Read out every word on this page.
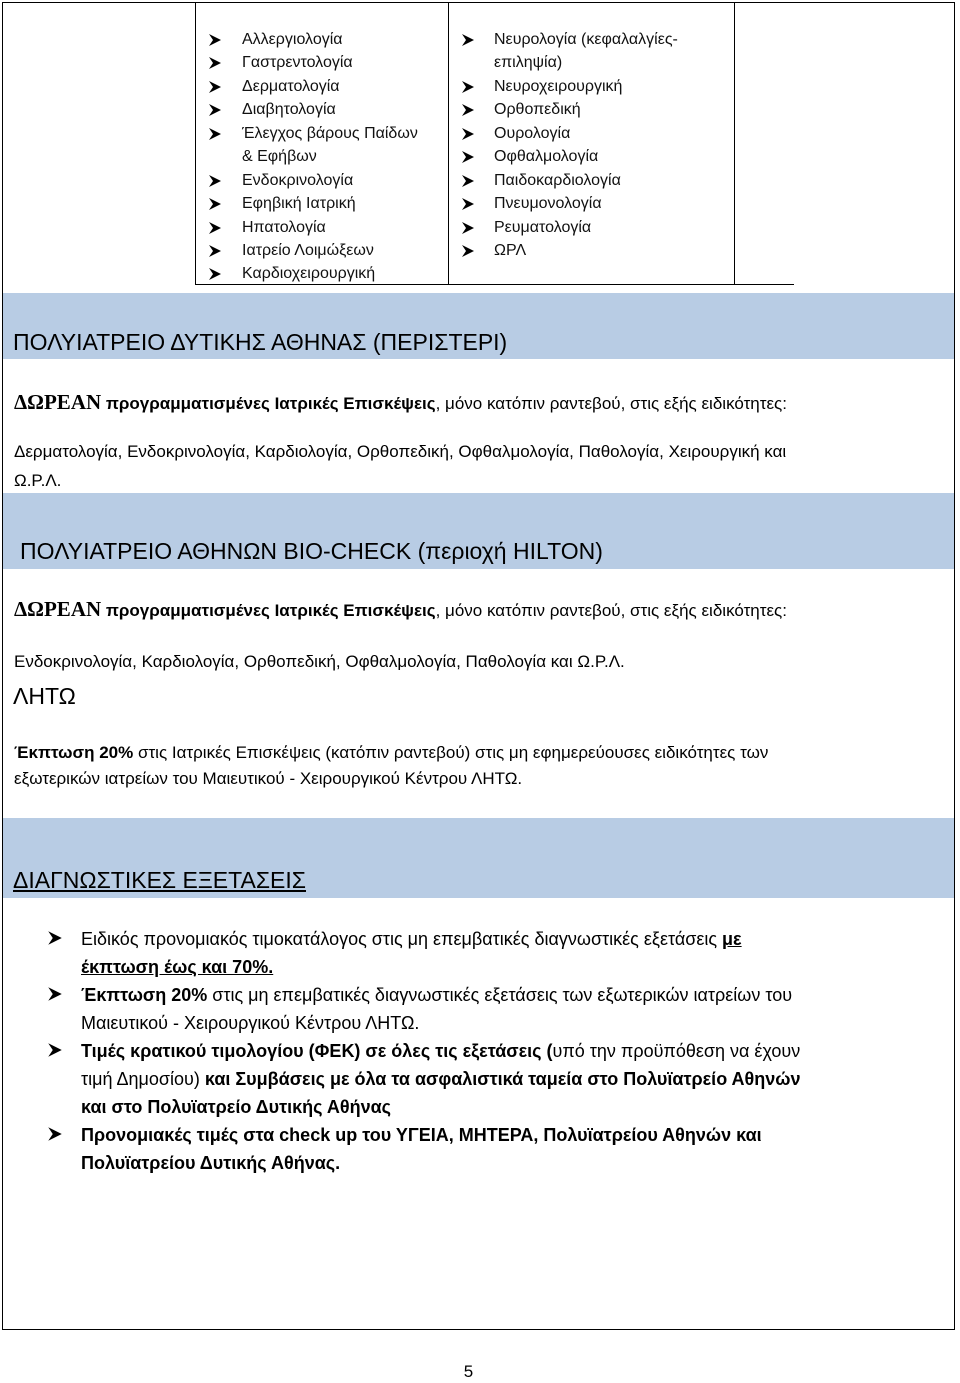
Αλλεργιολογία
Γαστρεντολογία
Δερματολογία
Διαβητολογία
Έλεγχος βάρους Παίδων
Ενδοκρινολογία
Εφηβική Ιατρική
Ηπατολογία
Ιατρείο Λοιμώξεων
Καρδιοχειρουργική
Νευρολογία (κεφαλαλγίες-
Νευροχειρουργική
Ορθοπεδική
Ουρολογία
Οφθαλμολογία
Παιδοκαρδιολογία
Πνευμονολογία
Ρευματολογία
ΩΡΛ
& Εφήβων
επιληψία)
ΠΟΛΥΙΑΤΡΕΙΟ ΔΥΤΙΚΗΣ ΑΘΗΝΑΣ (ΠΕΡΙΣΤΕΡΙ)
ΔΩΡΕΑΝ προγραμματισμένες Ιατρικές Επισκέψεις, μόνο κατόπιν ραντεβού, στις εξής ειδικότητες:
Δερματολογία, Ενδοκρινολογία, Καρδιολογία, Ορθοπεδική, Οφθαλμολογία, Παθολογία, Χειρουργική και
Ω.Ρ.Λ.
ΠΟΛΥΙΑΤΡΕΙΟ ΑΘΗΝΩΝ BIO-CHECK (περιοχή HILTON)
ΔΩΡΕΑΝ προγραμματισμένες Ιατρικές Επισκέψεις, μόνο κατόπιν ραντεβού, στις εξής ειδικότητες:
Ενδοκρινολογία, Καρδιολογία, Ορθοπεδική, Οφθαλμολογία, Παθολογία και Ω.Ρ.Λ.
ΛΗΤΩ
Έκπτωση 20% στις Ιατρικές Επισκέψεις (κατόπιν ραντεβού) στις μη εφημερεύουσες ειδικότητες των
εξωτερικών ιατρείων του Μαιευτικού - Χειρουργικού Κέντρου ΛΗΤΩ.
ΔΙΑΓΝΩΣΤΙΚΕΣ ΕΞΕΤΑΣΕΙΣ
Ειδικός προνομιακός τιμοκατάλογος στις μη επεμβατικές διαγνωστικές εξετάσεις με
έκπτωση έως και 70%.
Έκπτωση 20% στις μη επεμβατικές διαγνωστικές εξετάσεις των εξωτερικών ιατρείων του
Μαιευτικού - Χειρουργικού Κέντρου ΛΗΤΩ.
Τιμές κρατικού τιμολογίου (ΦΕΚ) σε όλες τις εξετάσεις (υπό την προϋπόθεση να έχουν
τιμή Δημοσίου) και Συμβάσεις με όλα τα ασφαλιστικά ταμεία στο Πολυϊατρείο Αθηνών
και στο Πολυϊατρείο Δυτικής Αθήνας
Προνομιακές τιμές στα check up του ΥΓΕΙΑ, ΜΗΤΕΡΑ, Πολυϊατρείου Αθηνών και
Πολυϊατρείου Δυτικής Αθήνας.
5
